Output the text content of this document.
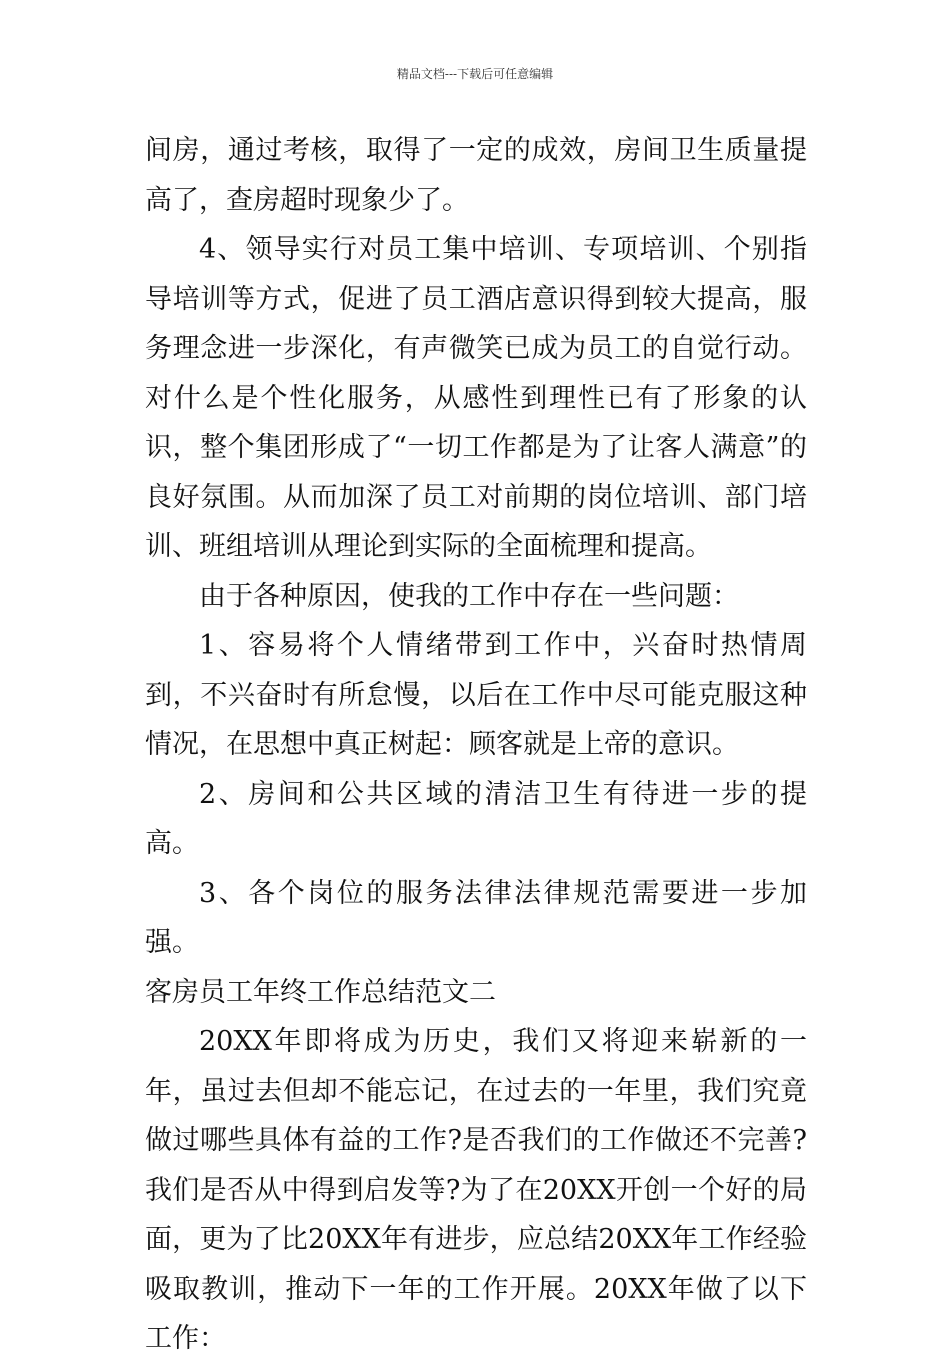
精品文档---下载后可任意编辑

间房，通过考核，取得了一定的成效，房间卫生质量提高了，查房超时现象少了。

4、领导实行对员工集中培训、专项培训、个别指导培训等方式，促进了员工酒店意识得到较大提高，服务理念进一步深化，有声微笑已成为员工的自觉行动。对什么是个性化服务，从感性到理性已有了形象的认识，整个集团形成了“一切工作都是为了让客人满意”的良好氛围。从而加深了员工对前期的岗位培训、部门培训、班组培训从理论到实际的全面梳理和提高。

由于各种原因，使我的工作中存在一些问题：

1、容易将个人情绪带到工作中，兴奋时热情周到，不兴奋时有所怠慢，以后在工作中尽可能克服这种情况，在思想中真正树起：顾客就是上帝的意识。

2、房间和公共区域的清洁卫生有待进一步的提高。

3、各个岗位的服务法律法律规范需要进一步加强。

客房员工年终工作总结范文二

20XX年即将成为历史，我们又将迎来崭新的一年，虽过去但却不能忘记，在过去的一年里，我们究竟做过哪些具体有益的工作?是否我们的工作做还不完善?我们是否从中得到启发等?为了在20XX开创一个好的局面，更为了比20XX年有进步，应总结20XX年工作经验吸取教训，推动下一年的工作开展。20XX年做了以下工作：
